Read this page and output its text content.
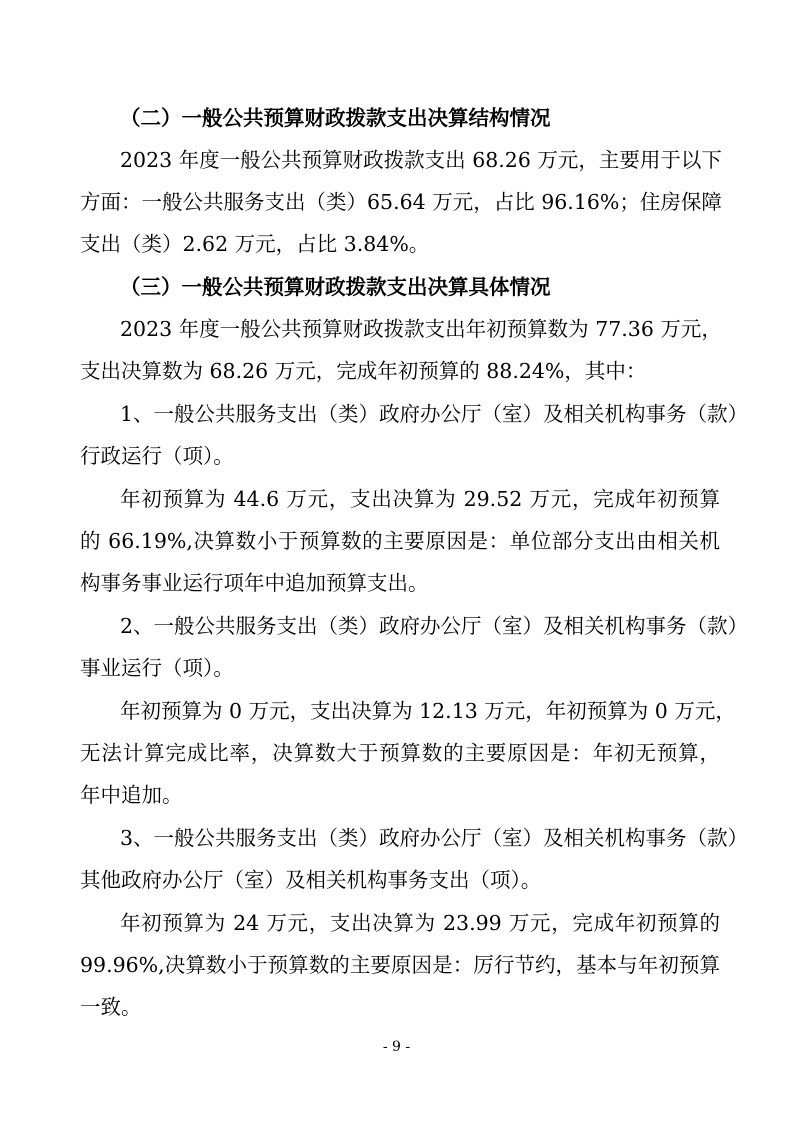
（二）一般公共预算财政拨款支出决算结构情况
2023 年度一般公共预算财政拨款支出 68.26 万元，主要用于以下
方面：一般公共服务支出（类）65.64 万元，占比 96.16%；住房保障
支出（类）2.62 万元，占比 3.84%。
（三）一般公共预算财政拨款支出决算具体情况
2023 年度一般公共预算财政拨款支出年初预算数为 77.36 万元，
支出决算数为 68.26 万元，完成年初预算的 88.24%，其中：
1、一般公共服务支出（类）政府办公厅（室）及相关机构事务（款）
行政运行（项）。
年初预算为 44.6 万元，支出决算为 29.52 万元，完成年初预算
的 66.19%,决算数小于预算数的主要原因是：单位部分支出由相关机
构事务事业运行项年中追加预算支出。
2、一般公共服务支出（类）政府办公厅（室）及相关机构事务（款）
事业运行（项）。
年初预算为 0 万元，支出决算为 12.13 万元，年初预算为 0 万元，
无法计算完成比率，决算数大于预算数的主要原因是：年初无预算，
年中追加。
3、一般公共服务支出（类）政府办公厅（室）及相关机构事务（款）
其他政府办公厅（室）及相关机构事务支出（项）。
年初预算为 24 万元，支出决算为 23.99 万元，完成年初预算的
99.96%,决算数小于预算数的主要原因是：厉行节约，基本与年初预算
一致。
- 9 -
